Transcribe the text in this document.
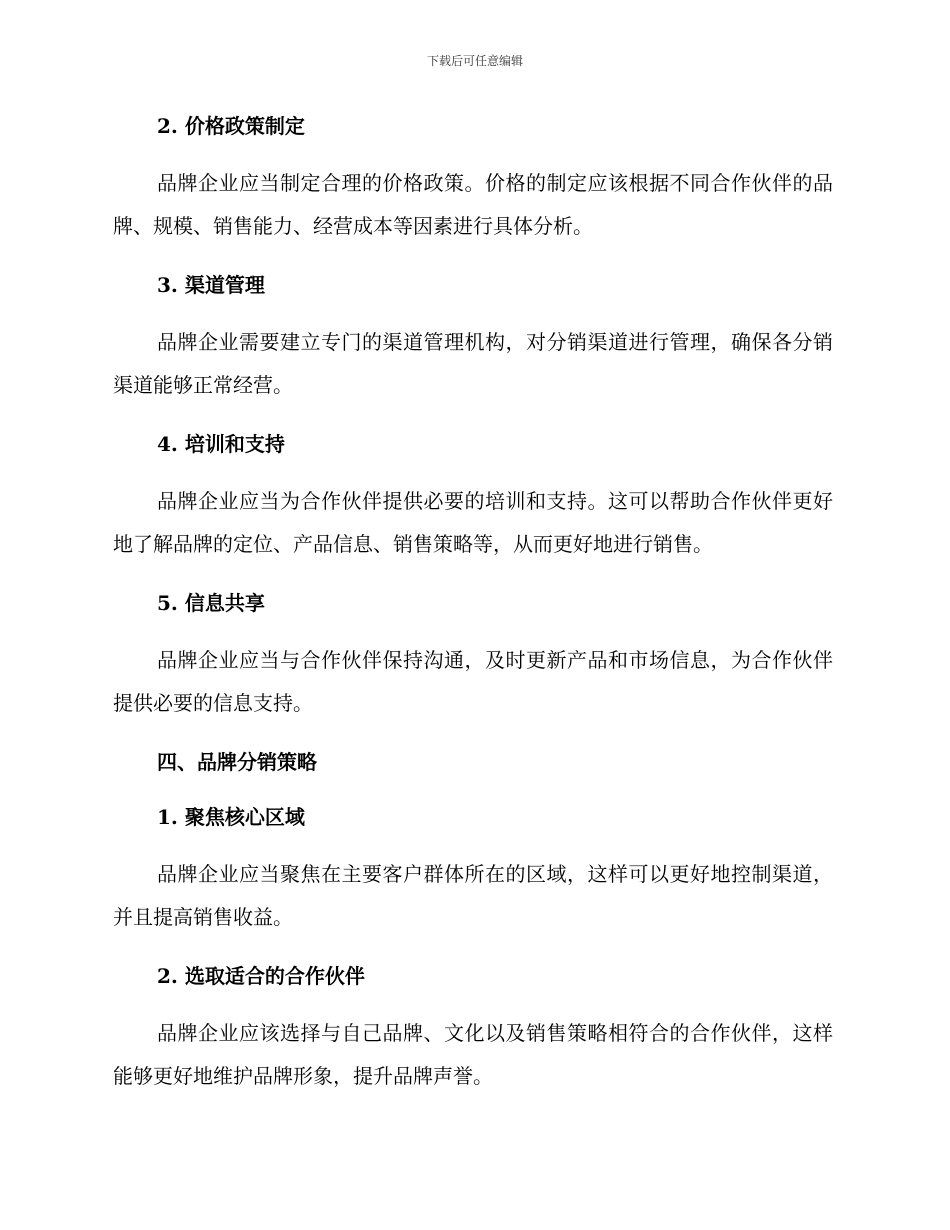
下载后可任意编辑
2. 价格政策制定

品牌企业应当制定合理的价格政策。价格的制定应该根据不同合作伙伴的品牌、规模、销售能力、经营成本等因素进行具体分析。

3. 渠道管理

品牌企业需要建立专门的渠道管理机构，对分销渠道进行管理，确保各分销渠道能够正常经营。

4. 培训和支持

品牌企业应当为合作伙伴提供必要的培训和支持。这可以帮助合作伙伴更好地了解品牌的定位、产品信息、销售策略等，从而更好地进行销售。

5. 信息共享

品牌企业应当与合作伙伴保持沟通，及时更新产品和市场信息，为合作伙伴提供必要的信息支持。

四、品牌分销策略
1. 聚焦核心区域

品牌企业应当聚焦在主要客户群体所在的区域，这样可以更好地控制渠道，并且提高销售收益。

2. 选取适合的合作伙伴

品牌企业应该选择与自己品牌、文化以及销售策略相符合的合作伙伴，这样能够更好地维护品牌形象，提升品牌声誉。
